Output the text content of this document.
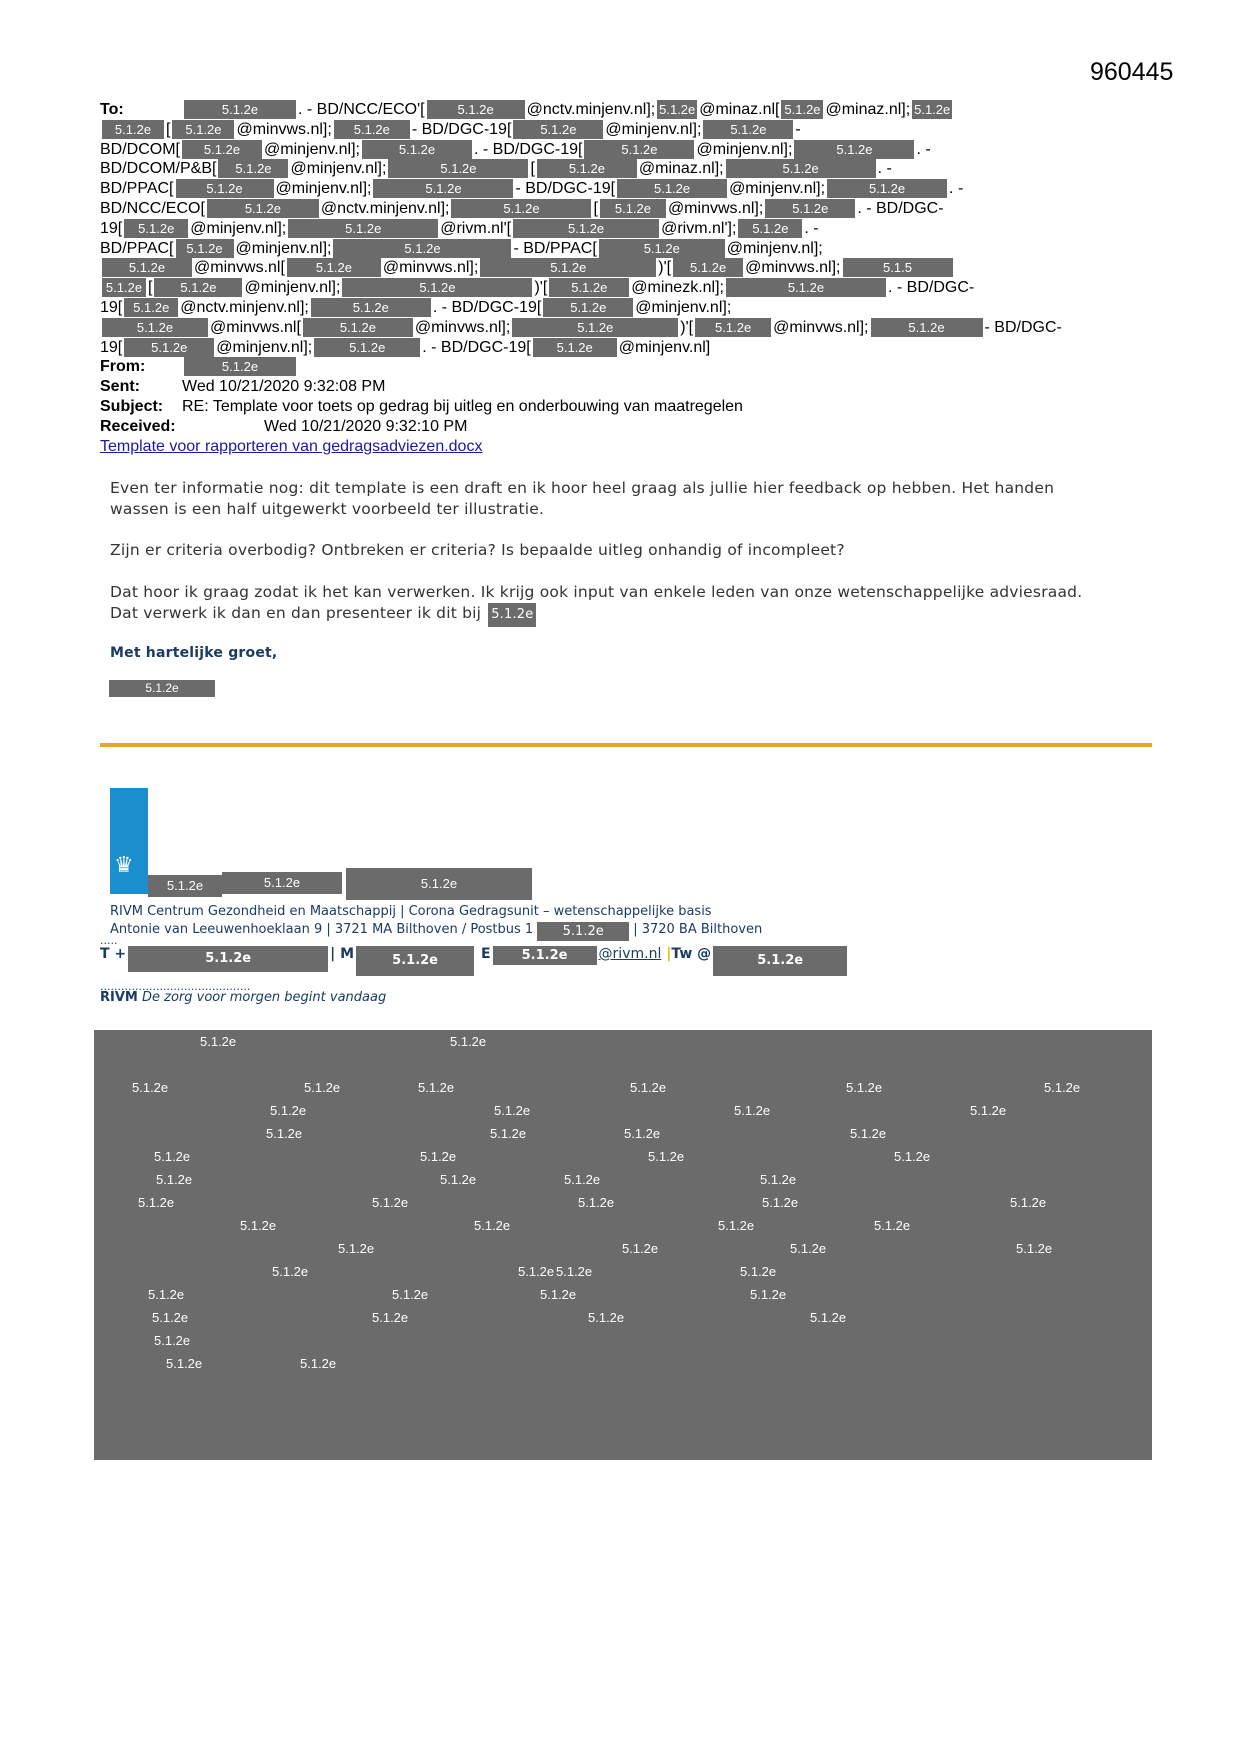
960445
To:	5.1.2e . - BD/NCC/ECO'[	5.1.2e @nctv.minjenv.nl]; 5.1.2e @minaz.nl[ 5.1.2e @minaz.nl]; 5.1.2e
5.1.2e [ 5.1.2e @minvws.nl]; 5.1.2e - BD/DGC-19[ 5.1.2e @minjenv.nl]; 5.1.2e -
BD/DCOM[ 5.1.2e @minjenv.nl];	5.1.2e . - BD/DGC-19[	5.1.2e @minjenv.nl];	5.1.2e	. -
BD/DCOM/P&B[ 5.1.2e @minjenv.nl];	5.1.2e	[	5.1.2e @minaz.nl];	5.1.2e	. -
BD/PPAC[	5.1.2e @minjenv.nl];	5.1.2e	- BD/DGC-19[	5.1.2e @minjenv.nl];	5.1.2e	. -
BD/NCC/ECO[	5.1.2e @nctv.minjenv.nl];	5.1.2e	[ 5.1.2e @minvws.nl]; 5.1.2e . - BD/DGC-
19[ 5.1.2e @minjenv.nl];	5.1.2e	@rivm.nl'[	5.1.2e	@rivm.nl']; 5.1.2e . -
BD/PPAC[ 5.1.2e @minjenv.nl];	5.1.2e	- BD/PPAC[	5.1.2e	@minjenv.nl];
5.1.2e @minvws.nl[ 5.1.2e @minvws.nl];	5.1.2e	)'[ 5.1.2e @minvws.nl];	5.1.5
5.1.2e [ 5.1.2e @minjenv.nl];	5.1.2e	)'[ 5.1.2e @minezk.nl];	5.1.2e	. - BD/DGC-
19[ 5.1.2e @nctv.minjenv.nl];	5.1.2e	. - BD/DGC-19[ 5.1.2e @minjenv.nl];
5.1.2e @minvws.nl[	5.1.2e @minvws.nl];	5.1.2e	)'[ 5.1.2e @minvws.nl];	5.1.2e - BD/DGC-
19[ 5.1.2e @minjenv.nl];	5.1.2e . - BD/DGC-19[ 5.1.2e @minjenv.nl]
From:	5.1.2e
Sent:	Wed 10/21/2020 9:32:08 PM
Subject: RE: Template voor toets op gedrag bij uitleg en onderbouwing van maatregelen
Received:	Wed 10/21/2020 9:32:10 PM
Template voor rapporteren van gedragsadviezen.docx
Even ter informatie nog: dit template is een draft en ik hoor heel graag als jullie hier feedback op hebben. Het handen wassen is een half uitgewerkt voorbeeld ter illustratie.
Zijn er criteria overbodig? Ontbreken er criteria? Is bepaalde uitleg onhandig of incompleet?
Dat hoor ik graag zodat ik het kan verwerken. Ik krijg ook input van enkele leden van onze wetenschappelijke adviesraad. Dat verwerk ik dan en dan presenteer ik dit bij 5.1.2e
Met hartelijke groet,
5.1.2e
♛
5.1.2e	5.1.2e	5.1.2e
RIVM Centrum Gezondheid en Maatschappij | Corona Gedragsunit – wetenschappelijke basis
Antonie van Leeuwenhoeklaan 9 | 3721 MA Bilthoven / Postbus 1 5.1.2e | 3720 BA Bilthoven
.....
T +	5.1.2e	| M	5.1.2e	E 5.1.2e @rivm.nl |Tw @	5.1.2e
...........................................
RIVM De zorg voor morgen begint vandaag
5.1.2e	5.1.2e
5.1.2e	5.1.2e	5.1.2e	5.1.2e	5.1.2e	5.1.2e
5.1.2e	5.1.2e	5.1.2e	5.1.2e
5.1.2e	5.1.2e	5.1.2e	5.1.2e
5.1.2e	5.1.2e	5.1.2e	5.1.2e
5.1.2e	5.1.2e	5.1.2e	5.1.2e
5.1.2e	5.1.2e	5.1.2e	5.1.2e	5.1.2e
5.1.2e	5.1.2e	5.1.2e	5.1.2e
5.1.2e	5.1.2e	5.1.2e	5.1.2e
5.1.2e	5.1.2e 5.1.2e	5.1.2e
5.1.2e	5.1.2e	5.1.2e	5.1.2e
5.1.2e	5.1.2e	5.1.2e	5.1.2e
5.1.2e
5.1.2e	5.1.2e
